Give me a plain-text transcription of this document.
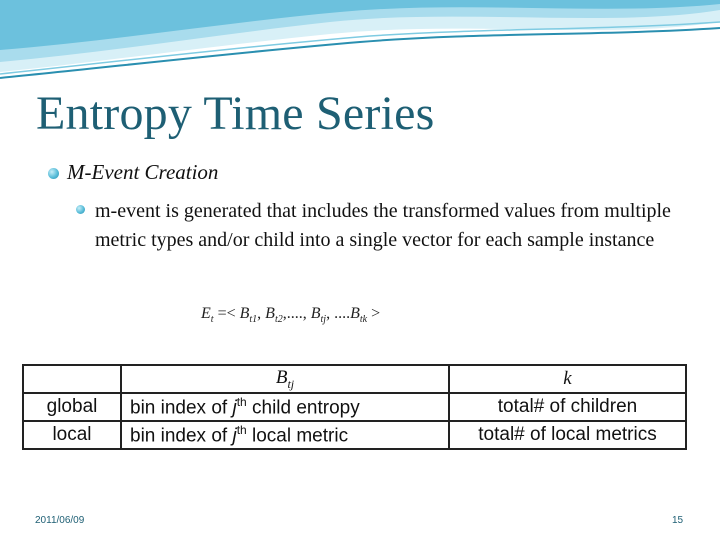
Entropy Time Series
M-Event Creation
m-event is generated that includes the transformed values from multiple metric types and/or child into a single vector for each sample instance
$E_t =< B_{t1}$, $B_{t2}$,...., $B_{tj}$, $....B_{tk}$ >
	$B_{tj}$	k
global	bin index of $j^{th}$ child entropy	total# of children
local	bin index of $j^{th}$ local metric	total# of local metrics
2011/06/09	15
